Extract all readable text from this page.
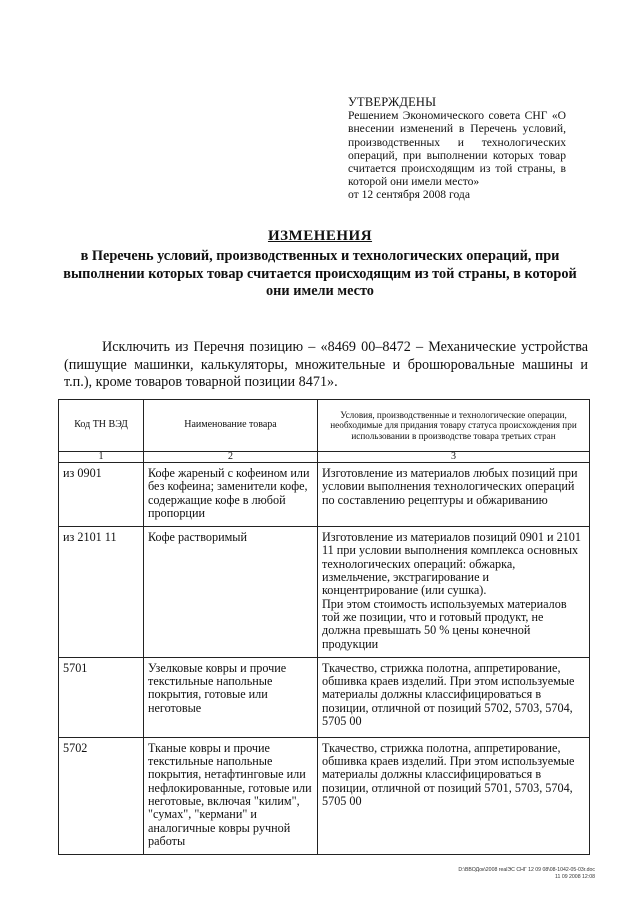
УТВЕРЖДЕНЫ
Решением Экономического совета СНГ «О внесении изменений в Перечень условий, производственных и технологических операций, при выполнении которых товар считается происходящим из той страны, в которой они имели место»
от 12 сентября 2008 года
ИЗМЕНЕНИЯ
в Перечень условий, производственных и технологических операций, при выполнении которых товар считается происходящим из той страны, в которой они имели место
Исключить из Перечня позицию – «8469 00–8472 – Механические устройства (пишущие машинки, калькуляторы, множительные и брошюровальные машины и т.п.), кроме товаров товарной позиции 8471».
Код ТН ВЭД	Наименование товара	Условия, производственные и технологические операции, необходимые для придания товару статуса происхождения при использовании в производстве товара третьих стран
1	2	3
из 0901	Кофе жареный с кофеином или без кофеина; заменители кофе, содержащие кофе в любой пропорции	Изготовление из материалов любых позиций при условии выполнения технологических операций по составлению рецептуры и обжариванию
из 2101 11	Кофе растворимый	Изготовление из материалов позиций 0901 и 2101 11 при условии выполнения комплекса основных технологических операций: обжарка, измельчение, экстрагирование и концентрирование (или сушка).
При этом стоимость используемых материалов той же позиции, что и готовый продукт, не должна превышать 50 % цены конечной продукции

5701	Узелковые ковры и прочие текстильные напольные покрытия, готовые или неготовые	Ткачество, стрижка полотна, аппретирование, обшивка краев изделий. При этом используемые материалы должны классифицироваться в позиции, отличной от позиций 5702, 5703, 5704, 5705 00
5702	Тканые ковры и прочие текстильные напольные покрытия, нетафтинговые или нефлокированные, готовые или неготовые, включая "килим", "сумах", "кермани" и аналогичные ковры ручной работы	Ткачество, стрижка полотна, аппретирование, обшивка краев изделий. При этом используемые материалы должны классифицироваться в позиции, отличной от позиций 5701, 5703, 5704, 5705 00
D:\ВВОДок\2008 realЭС СНГ 12 09 08\08-1042-05-03r.doc
11 09 2008 12:08
